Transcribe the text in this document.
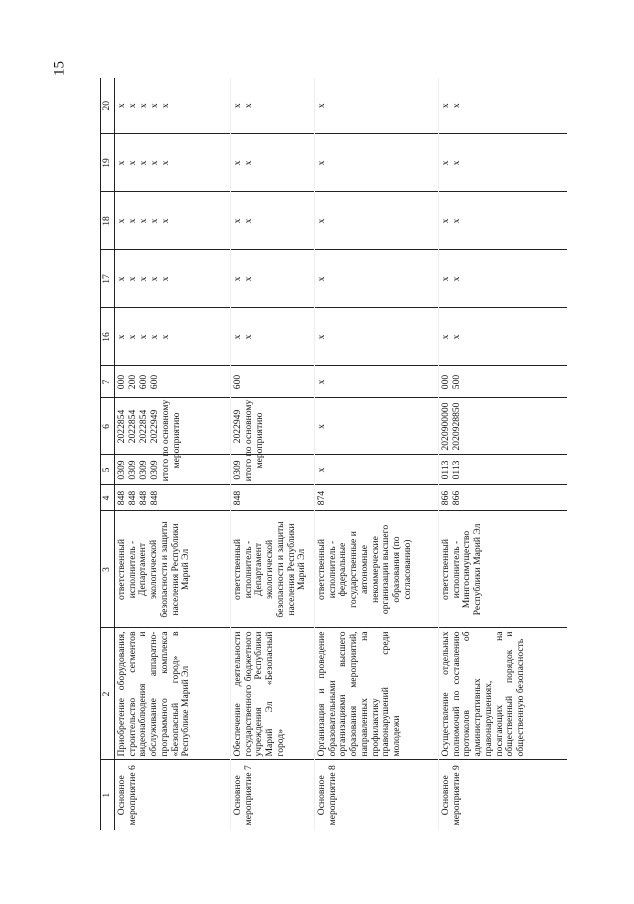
15
1	2	3	4	5	6	7	16	17	18	19	20
Основное мероприятие 6	Приобретение оборудования, строительство сегментов видеонаблюдения и обслуживание аппаратно-программного комплекса «Безопасный город» в Республике Марий Эл	ответственный исполнитель - Департамент экологической безопасности и защиты населения Республики Марий Эл	848 848 848 848	0309 0309 0309 0309	2022854 2022854 2022854 2022949 итого по основному мероприятию	000 200 600 600	x x x x x	x x x x x	x x x x x	x x x x x	x x x x x

Основное мероприятие 7	Обеспечение деятельности государственного бюджетного учреждения Республики Марий Эл «Безопасный город»	ответственный исполнитель - Департамент экологической безопасности и защиты населения Республики Марий Эл	848	0309	2022949 итого по основному мероприятию	600	x x	x x	x x	x x	x x

Основное мероприятие 8	Организация и проведение образовательными организациями высшего образования мероприятий, направленных на профилактику правонарушений среди молодежи	ответственный исполнитель - федеральные государственные и автономные некоммерческие организации высшего образования (по согласованию)	874	x	x	x	x	x	x	x	x

Основное мероприятие 9	Осуществление отдельных полномочий по составлению протоколов об административных правонарушениях, посягающих на общественный порядок и общественную безопасность	ответственный исполнитель - Мингосимущество Республики Марий Эл	866 866	0113 0113	2020900000 2020928850	000 500	x x	x x	x x	x x	x x
